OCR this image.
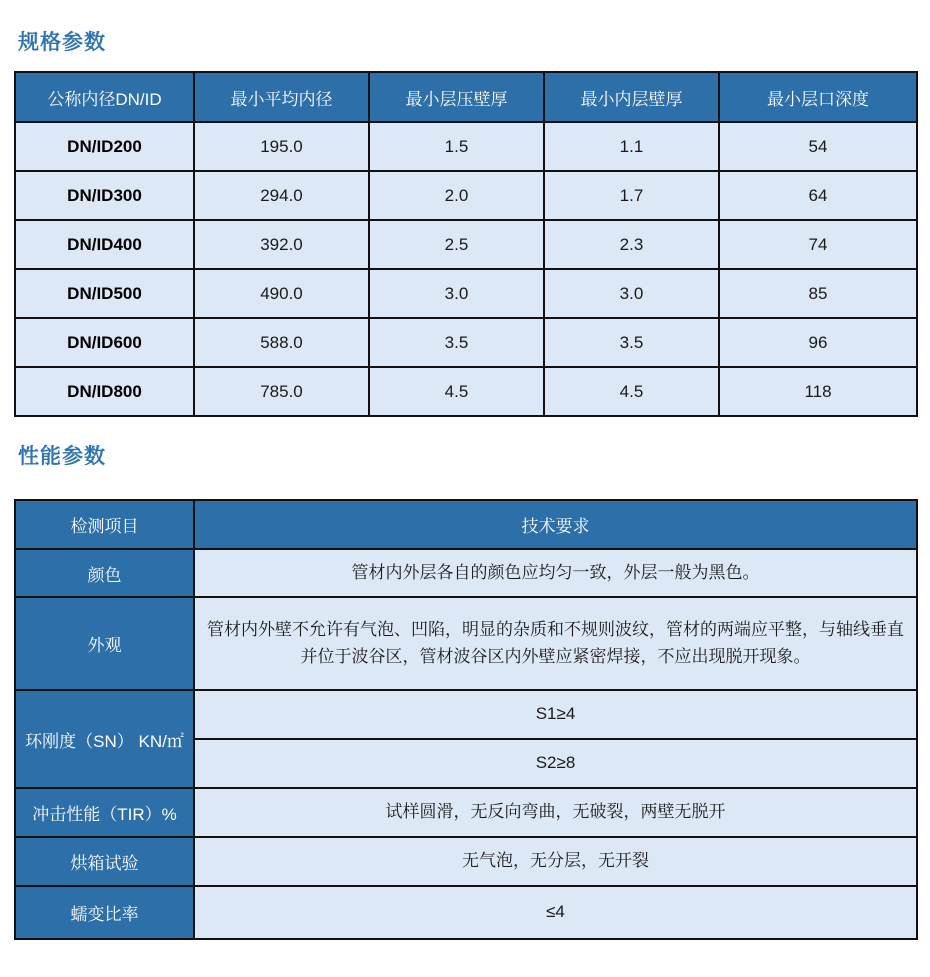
规格参数
公称内径DN/ID	最小平均内径	最小层压壁厚	最小内层壁厚	最小层口深度
DN/ID200	195.0	1.5	1.1	54
DN/ID300	294.0	2.0	1.7	64
DN/ID400	392.0	2.5	2.3	74
DN/ID500	490.0	3.0	3.0	85
DN/ID600	588.0	3.5	3.5	96
DN/ID800	785.0	4.5	4.5	118
性能参数
检测项目	技术要求
颜色	管材内外层各自的颜色应均匀一致，外层一般为黑色。
外观	管材内外壁不允许有气泡、凹陷，明显的杂质和不规则波纹，管材的两端应平整，与轴线垂直并位于波谷区，管材波谷区内外壁应紧密焊接，不应出现脱开现象。
环刚度（SN） KN/㎡	S1≥4
	S2≥8
冲击性能（TIR）%	试样圆滑，无反向弯曲，无破裂，两壁无脱开
烘箱试验	无气泡，无分层，无开裂
蠕变比率	≤4
